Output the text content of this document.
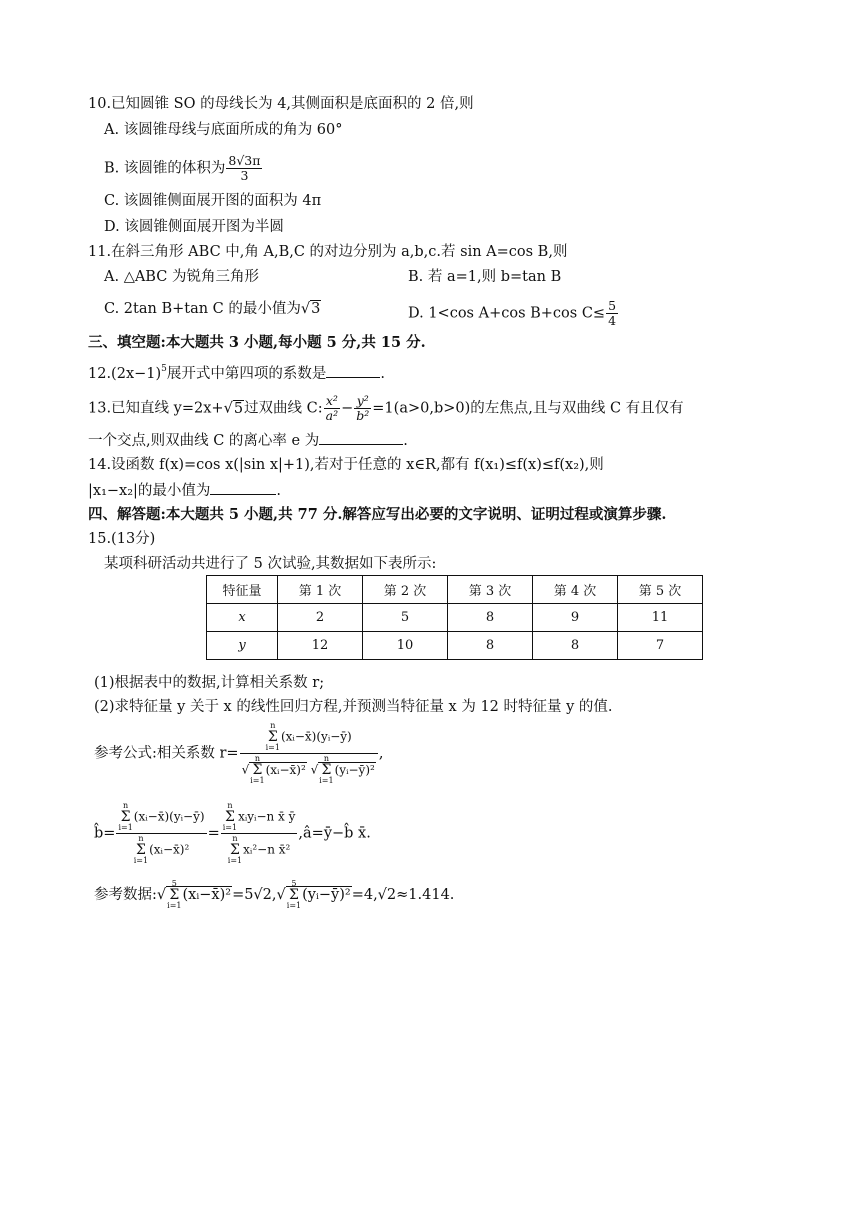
10.已知圆锥 SO 的母线长为 4,其侧面积是底面积的 2 倍,则
A. 该圆锥母线与底面所成的角为 60°
B. 该圆锥的体积为 $\frac{8√3\pi}{3}$
C. 该圆锥侧面展开图的面积为 4π
D. 该圆锥侧面展开图为半圆
11.在斜三角形 ABC 中,角 A,B,C 的对边分别为 a,b,c.若 sin A=cos B,则
A. △ABC 为锐角三角形	B. 若 a=1,则 b=tan B
C. 2tan B+tan C 的最小值为√3	D. 1<cos A+cos B+cos $C\le \frac{5}{4}$
三、填空题:本大题共 3 小题,每小题 5 分,共 15 分.
$12.(2x-1)^5$展开式中第四项的系数是	.
13.已知直线 y=2x+√5过双曲线 C: $\frac{\text{x²}}{\text{a²}} - \frac{\text{y²}}{\text{b²}} =1(a>0,b>0)$的左焦点,且与双曲线 C 有且仅有
一个交点,则双曲线 C 的离心率 e 为	.
14.设函数 f(x)=cos x(|sin x|+1),若对于任意的 x∈R,都有 f(x₁)≤f(x)≤f(x₂),则
|x₁−x₂|的最小值为	.
四、解答题:本大题共 5 小题,共 77 分.解答应写出必要的文字说明、证明过程或演算步骤.
15.(13分)
某项科研活动共进行了 5 次试验,其数据如下表所示:
特征量	第 1 次	第 2 次	第 3 次	第 4 次	第 5 次
x	2	5	8	9	11
y	12	10	8	8	7
(1)根据表中的数据,计算相关系数 r;
(2)求特征量 y 关于 x 的线性回归方程,并预测当特征量 x 为 12 时特征量 y 的值.
参考公式:相关系数 r= n
Σ
i=1(xᵢ−x̄)(yᵢ−ȳ)
√n
Σ
i=1(xᵢ−x̄)² √n
Σ
i=1(yᵢ−ȳ)² ,
b̂= n
Σ
i=1(xᵢ−x̄)(yᵢ−ȳ)
n
Σ
i=1(xᵢ−x̄)² = n
Σ
i=1xᵢyᵢ−n x̄ ȳ
n
Σ
i=1xᵢ²−n x̄² ,â=ȳ−b̂ x̄.
参考数据:√5
Σ
i=1(xᵢ−x̄)²=5√2,√5
Σ
i=1(yᵢ−ȳ)²=4,√2≈1.414.
